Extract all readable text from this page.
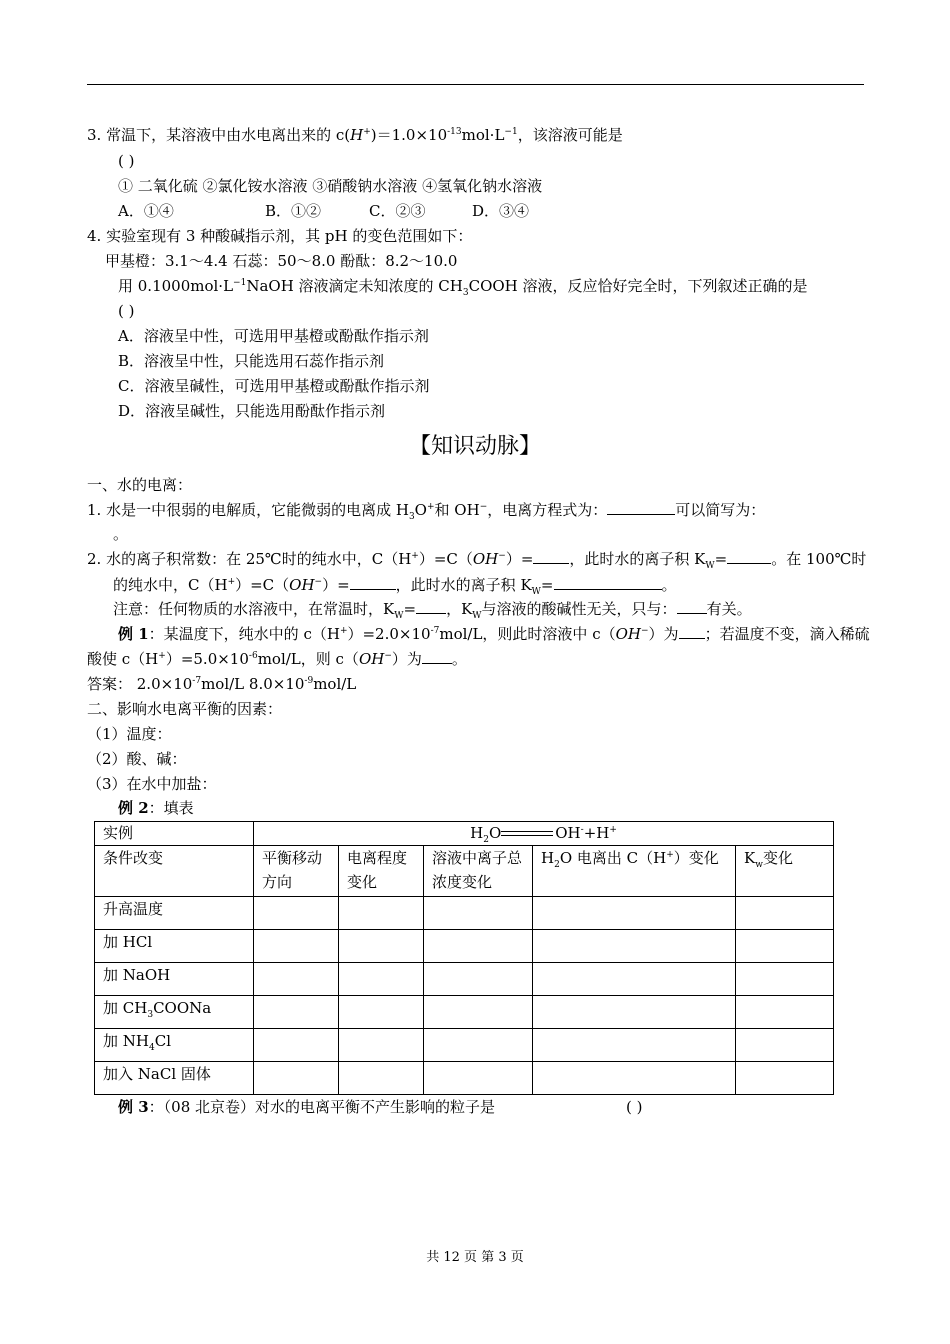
3. 常温下，某溶液中由水电离出来的 $c(H^+)=1.0\times 10^{-13}mol\cdot L^{-1}$，该溶液可能是
( )
① 二氧化硫 ②氯化铵水溶液 ③硝酸钠水溶液 ④氢氧化钠水溶液
A．①④	B．①②	C．②③	D．③④
4. 实验室现有 3 种酸碱指示剂，其 pH 的变色范围如下：
甲基橙：3.1～4.4 石蕊：50～8.0 酚酞：8.2～10.0
用 $0.1000mol\cdot L^{-1}NaOH$ 溶液滴定未知浓度的 $CH_3COOH$ 溶液，反应恰好完全时，下列叙述正确的是
( )
A．溶液呈中性，可选用甲基橙或酚酞作指示剂
B．溶液呈中性，只能选用石蕊作指示剂
C．溶液呈碱性，可选用甲基橙或酚酞作指示剂
D．溶液呈碱性，只能选用酚酞作指示剂
【知识动脉】
一、水的电离：
1. 水是一中很弱的电解质，它能微弱的电离成 $H_3O^+$和 OH−，电离方程式为：	可以简写为：
。
2. 水的离子积常数：在 25℃时的纯水中，C（H+）=C（OH−）= ，此时水的离子积 $K_W=$	。在 100℃时
的纯水中，C（H+）=C（OH−）=	，此时水的离子积 $K_W=$	。
注意：任何物质的水溶液中，在常温时，$K_W=$ ，$K_W$与溶液的酸碱性无关，只与： 有关。
例 1：某温度下，纯水中的 $c(H^+)=2.0\times 10^{-7}mol/L$，则此时溶液中 c（OH−）为 ；若温度不变，滴入稀硫
酸使 $c(H^+)=5.0\times 10^{-6}mol/L$，则 c（OH−）为 。
答案： $2.0\times 10^{-7}mol/L$ $8.0\times 10^{-9}mol/L$
二、影响水电离平衡的因素：
（1）温度：
（2）酸、碱：
（3）在水中加盐：
例 2：填表
实例	$H_2O$ OH-+H+
条件改变	平衡移动方向	电离程度变化	溶液中离子总浓度变化	$H_2O$ 电离出 C（H+）变化	$K_w$变化
升高温度					
加 HCl					
加 NaOH					
加 $CH_3COONa$					
加 $NH_4Cl$					
加入 NaCl 固体					
例 3：（08 北京卷）对水的电离平衡不产生影响的粒子是	( )
共 12 页 第 3 页
